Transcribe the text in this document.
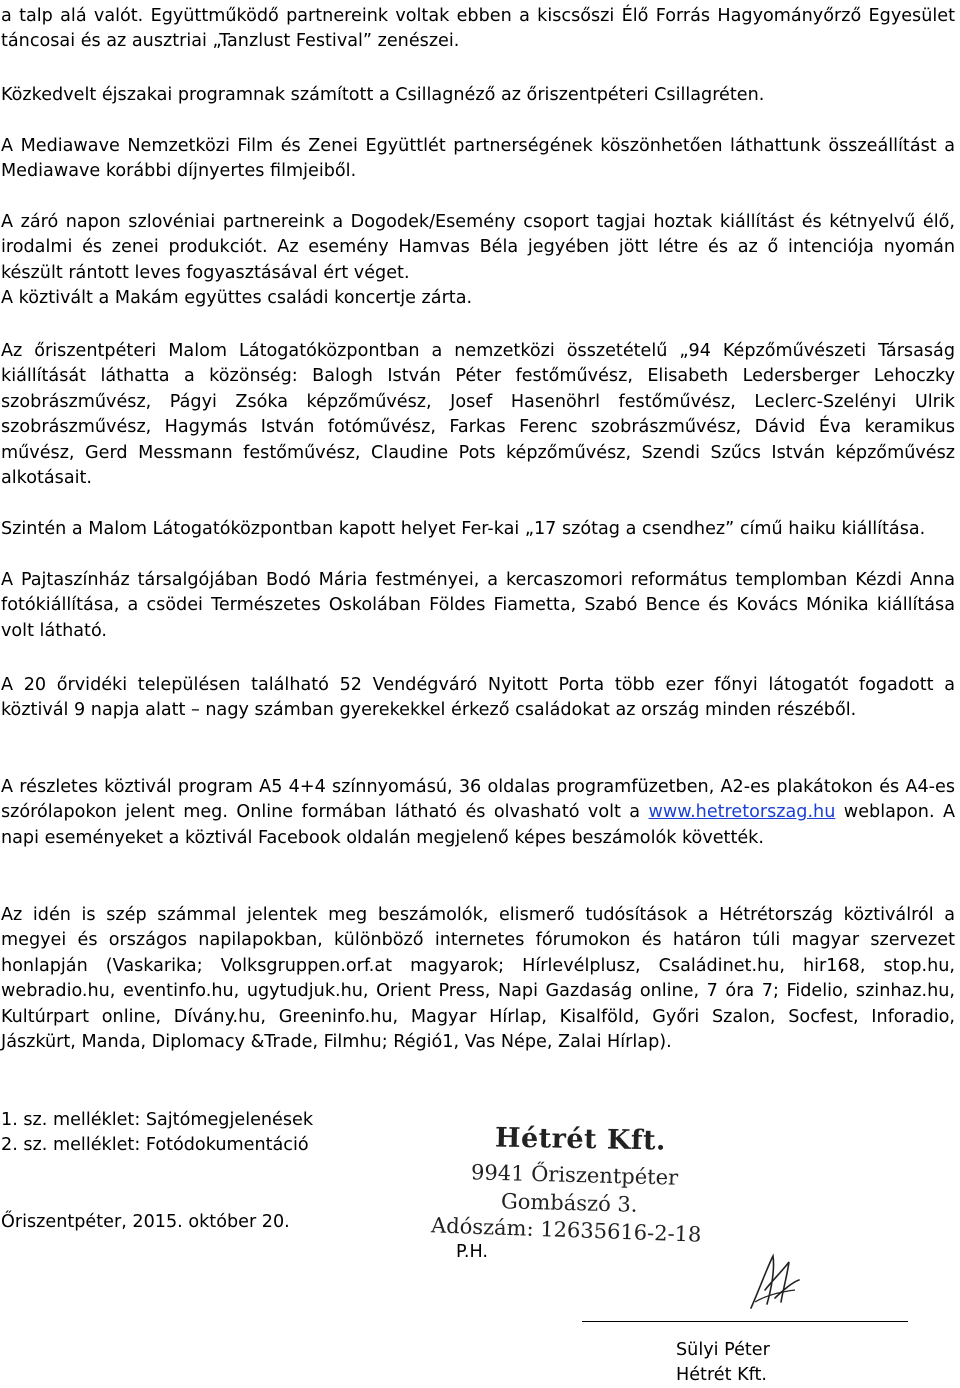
a talp alá valót. Együttműködő partnereink voltak ebben a kiscsőszi Élő Forrás Hagyományőrző Egyesület táncosai és az ausztriai „Tanzlust Festival” zenészei.

Közkedvelt éjszakai programnak számított a Csillagnéző az őriszentpéteri Csillagréten.

A Mediawave Nemzetközi Film és Zenei Együttlét partnerségének köszönhetően láthattunk összeállítást a Mediawave korábbi díjnyertes filmjeiből.

A záró napon szlovéniai partnereink a Dogodek/Esemény csoport tagjai hoztak kiállítást és kétnyelvű élő, irodalmi és zenei produkciót. Az esemény Hamvas Béla jegyében jött létre és az ő intenciója nyomán készült rántott leves fogyasztásával ért véget.
A köztivált a Makám együttes családi koncertje zárta.

Az őriszentpéteri Malom Látogatóközpontban a nemzetközi összetételű „94 Képzőművészeti Társaság kiállítását láthatta a közönség: Balogh István Péter festőművész, Elisabeth Ledersberger Lehoczky szobrászművész, Págyi Zsóka képzőművész, Josef Hasenöhrl festőművész, Leclerc-Szelényi Ulrik szobrászművész, Hagymás István fotóművész, Farkas Ferenc szobrászművész, Dávid Éva keramikus művész, Gerd Messmann festőművész, Claudine Pots képzőművész, Szendi Szűcs István képzőművész alkotásait.

Szintén a Malom Látogatóközpontban kapott helyet Fer-kai „17 szótag a csendhez” című haiku kiállítása.

A Pajtaszínház társalgójában Bodó Mária festményei, a kercaszomori református templomban Kézdi Anna fotókiállítása, a csödei Természetes Oskolában Földes Fiametta, Szabó Bence és Kovács Mónika kiállítása volt látható.

A 20 őrvidéki településen található 52 Vendégváró Nyitott Porta több ezer főnyi látogatót fogadott a köztivál 9 napja alatt – nagy számban gyerekekkel érkező családokat az ország minden részéből.

A részletes köztivál program A5 4+4 színnyomású, 36 oldalas programfüzetben, A2-es plakátokon és A4-es szórólapokon jelent meg. Online formában látható és olvasható volt a www.hetretorszag.hu weblapon. A napi eseményeket a köztivál Facebook oldalán megjelenő képes beszámolók követték.

Az idén is szép számmal jelentek meg beszámolók, elismerő tudósítások a Hétrétország köztiválról a megyei és országos napilapokban, különböző internetes fórumokon és határon túli magyar szervezet honlapján (Vaskarika; Volksgruppen.orf.at magyarok; Hírlevélplusz, Családinet.hu, hir168, stop.hu, webradio.hu, eventinfo.hu, ugytudjuk.hu, Orient Press, Napi Gazdaság online, 7 óra 7; Fidelio, szinhaz.hu, Kultúrpart online, Dívány.hu, Greeninfo.hu, Magyar Hírlap, Kisalföld, Győri Szalon, Socfest, Inforadio, Jászkürt, Manda, Diplomacy &Trade, Filmhu; Régió1, Vas Népe, Zalai Hírlap).

1. sz. melléklet: Sajtómegjelenések
2. sz. melléklet: Fotódokumentáció
Őriszentpéter, 2015. október 20.
Hétrét Kft.
9941 Őriszentpéter
Gombászó 3.
Adószám: 12635616-2-18
P.H.
Sülyi Péter
Hétrét Kft.
